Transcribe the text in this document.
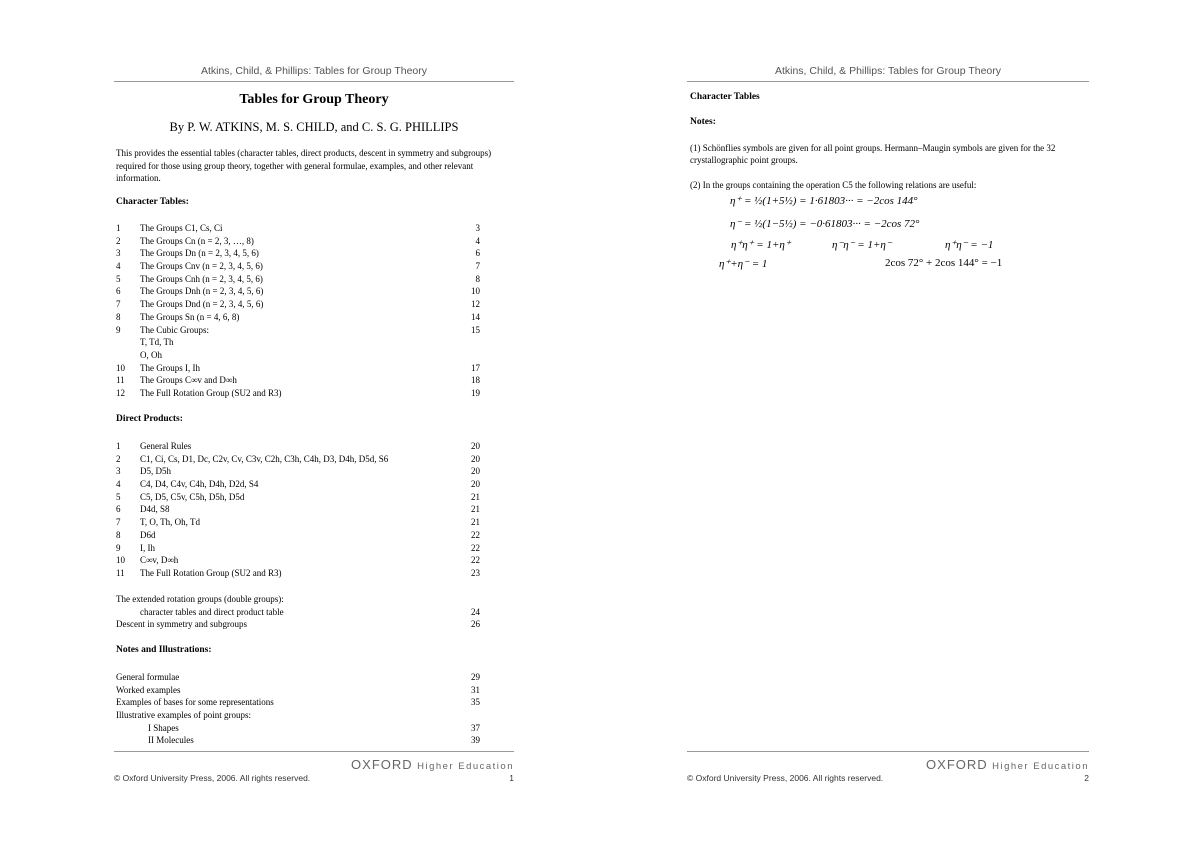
Atkins, Child, & Phillips: Tables for Group Theory
Tables for Group Theory
By P. W. ATKINS, M. S. CHILD, and C. S. G. PHILLIPS
This provides the essential tables (character tables, direct products, descent in symmetry and subgroups) required for those using group theory, together with general formulae, examples, and other relevant information.
Character Tables:
1 The Groups C1, Cs, Ci	3
2 The Groups Cn (n = 2, 3, …, 8)	4
3 The Groups Dn (n = 2, 3, 4, 5, 6)	6
4 The Groups Cnv (n = 2, 3, 4, 5, 6)	7
5 The Groups Cnh (n = 2, 3, 4, 5, 6)	8
6 The Groups Dnh (n = 2, 3, 4, 5, 6)	10
7 The Groups Dnd (n = 2, 3, 4, 5, 6)	12
8 The Groups Sn (n = 4, 6, 8)	14
9 The Cubic Groups:	15
T, Td, Th
O, Oh
10 The Groups I, Ih	17
11 The Groups C∞v and D∞h	18
12 The Full Rotation Group (SU2 and R3)	19
Direct Products:
1 General Rules	20
2 C1, Ci, Cs, D1, Dc, C2v, Cv, C3v, C2h, C3h, C4h, D3, D4h, D5d, S6	20
3 D5, D5h	20
4 C4, D4, C4v, C4h, D4h, D2d, S4	20
5 C5, D5, C5v, C5h, D5h, D5d	21
6 D4d, S8	21
7 T, O, Th, Oh, Td	21
8 D6d	22
9 I, Ih	22
10 C∞v, D∞h	22
11 The Full Rotation Group (SU2 and R3)	23
The extended rotation groups (double groups):
character tables and direct product table	24
Descent in symmetry and subgroups	26
Notes and Illustrations:
General formulae	29
Worked examples	31
Examples of bases for some representations	35
Illustrative examples of point groups:
I Shapes	37
II Molecules	39
OXFORD Higher Education
© Oxford University Press, 2006. All rights reserved.	1
Atkins, Child, & Phillips: Tables for Group Theory
Character Tables
Notes:
(1) Schönflies symbols are given for all point groups. Hermann–Maugin symbols are given for the 32 crystallographic point groups.
(2) In the groups containing the operation C5 the following relations are useful:
η⁺ = ½(1+5½) = 1·61803··· = −2cos 144°
η⁻ = ½(1−5½) = −0·61803··· = −2cos 72°
η⁺η⁺ = 1+η⁺	η⁻η⁻ = 1+η⁻	η⁺η⁻ = −1
η⁺+η⁻ = 1	2cos 72° + 2cos 144° = −1
OXFORD Higher Education
© Oxford University Press, 2006. All rights reserved.	2
